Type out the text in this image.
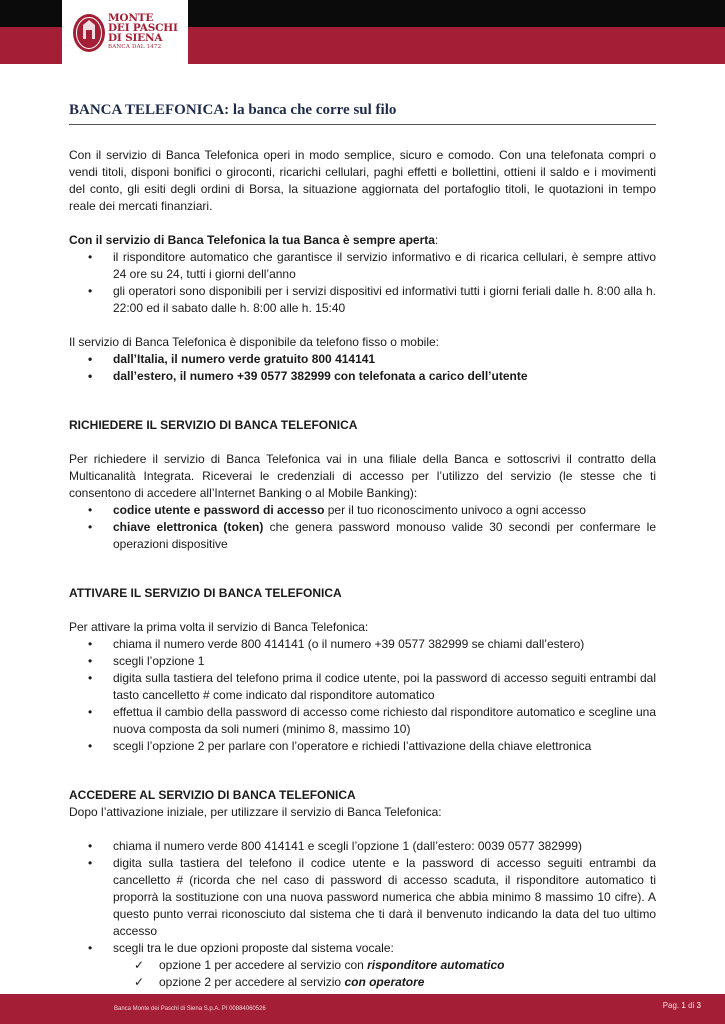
MONTE
DEI PASCHI
DI SIENA
BANCA DAL 1472
BANCA TELEFONICA: la banca che corre sul filo

Con il servizio di Banca Telefonica operi in modo semplice, sicuro e comodo. Con una telefonata compri o vendi titoli, disponi bonifici o giroconti, ricarichi cellulari, paghi effetti e bollettini, ottieni il saldo e i movimenti del conto, gli esiti degli ordini di Borsa, la situazione aggiornata del portafoglio titoli, le quotazioni in tempo reale dei mercati finanziari.

Con il servizio di Banca Telefonica la tua Banca è sempre aperta:

• il risponditore automatico che garantisce il servizio informativo e di ricarica cellulari, è sempre attivo 24 ore su 24, tutti i giorni dell’anno
• gli operatori sono disponibili per i servizi dispositivi ed informativi tutti i giorni feriali dalle h. 8:00 alla h. 22:00 ed il sabato dalle h. 8:00 alle h. 15:40

Il servizio di Banca Telefonica è disponibile da telefono fisso o mobile:

• dall’Italia, il numero verde gratuito 800 414141
• dall’estero, il numero +39 0577 382999 con telefonata a carico dell’utente
RICHIEDERE IL SERVIZIO DI BANCA TELEFONICA

Per richiedere il servizio di Banca Telefonica vai in una filiale della Banca e sottoscrivi il contratto della Multicanalità Integrata. Riceverai le credenziali di accesso per l’utilizzo del servizio (le stesse che ti consentono di accedere all’Internet Banking o al Mobile Banking):

• codice utente e password di accesso per il tuo riconoscimento univoco a ogni accesso
• chiave elettronica (token) che genera password monouso valide 30 secondi per confermare le operazioni dispositive
ATTIVARE IL SERVIZIO DI BANCA TELEFONICA

Per attivare la prima volta il servizio di Banca Telefonica:

• chiama il numero verde 800 414141 (o il numero +39 0577 382999 se chiami dall’estero)
• scegli l’opzione 1
• digita sulla tastiera del telefono prima il codice utente, poi la password di accesso seguiti entrambi dal tasto cancelletto # come indicato dal risponditore automatico
• effettua il cambio della password di accesso come richiesto dal risponditore automatico e scegline una nuova composta da soli numeri (minimo 8, massimo 10)
• scegli l’opzione 2 per parlare con l’operatore e richiedi l’attivazione della chiave elettronica
ACCEDERE AL SERVIZIO DI BANCA TELEFONICA

Dopo l’attivazione iniziale, per utilizzare il servizio di Banca Telefonica:

• chiama il numero verde 800 414141 e scegli l’opzione 1 (dall’estero: 0039 0577 382999)
• digita sulla tastiera del telefono il codice utente e la password di accesso seguiti entrambi da cancelletto # (ricorda che nel caso di password di accesso scaduta, il risponditore automatico ti proporrà la sostituzione con una nuova password numerica che abbia minimo 8 massimo 10 cifre). A questo punto verrai riconosciuto dal sistema che ti darà il benvenuto indicando la data del tuo ultimo accesso
• scegli tra le due opzioni proposte dal sistema vocale:
✓ opzione 1 per accedere al servizio con risponditore automatico
✓ opzione 2 per accedere al servizio con operatore
Banca Monte dei Paschi di Siena S.p.A. PI 00884060526	Pag. 1 di 3
